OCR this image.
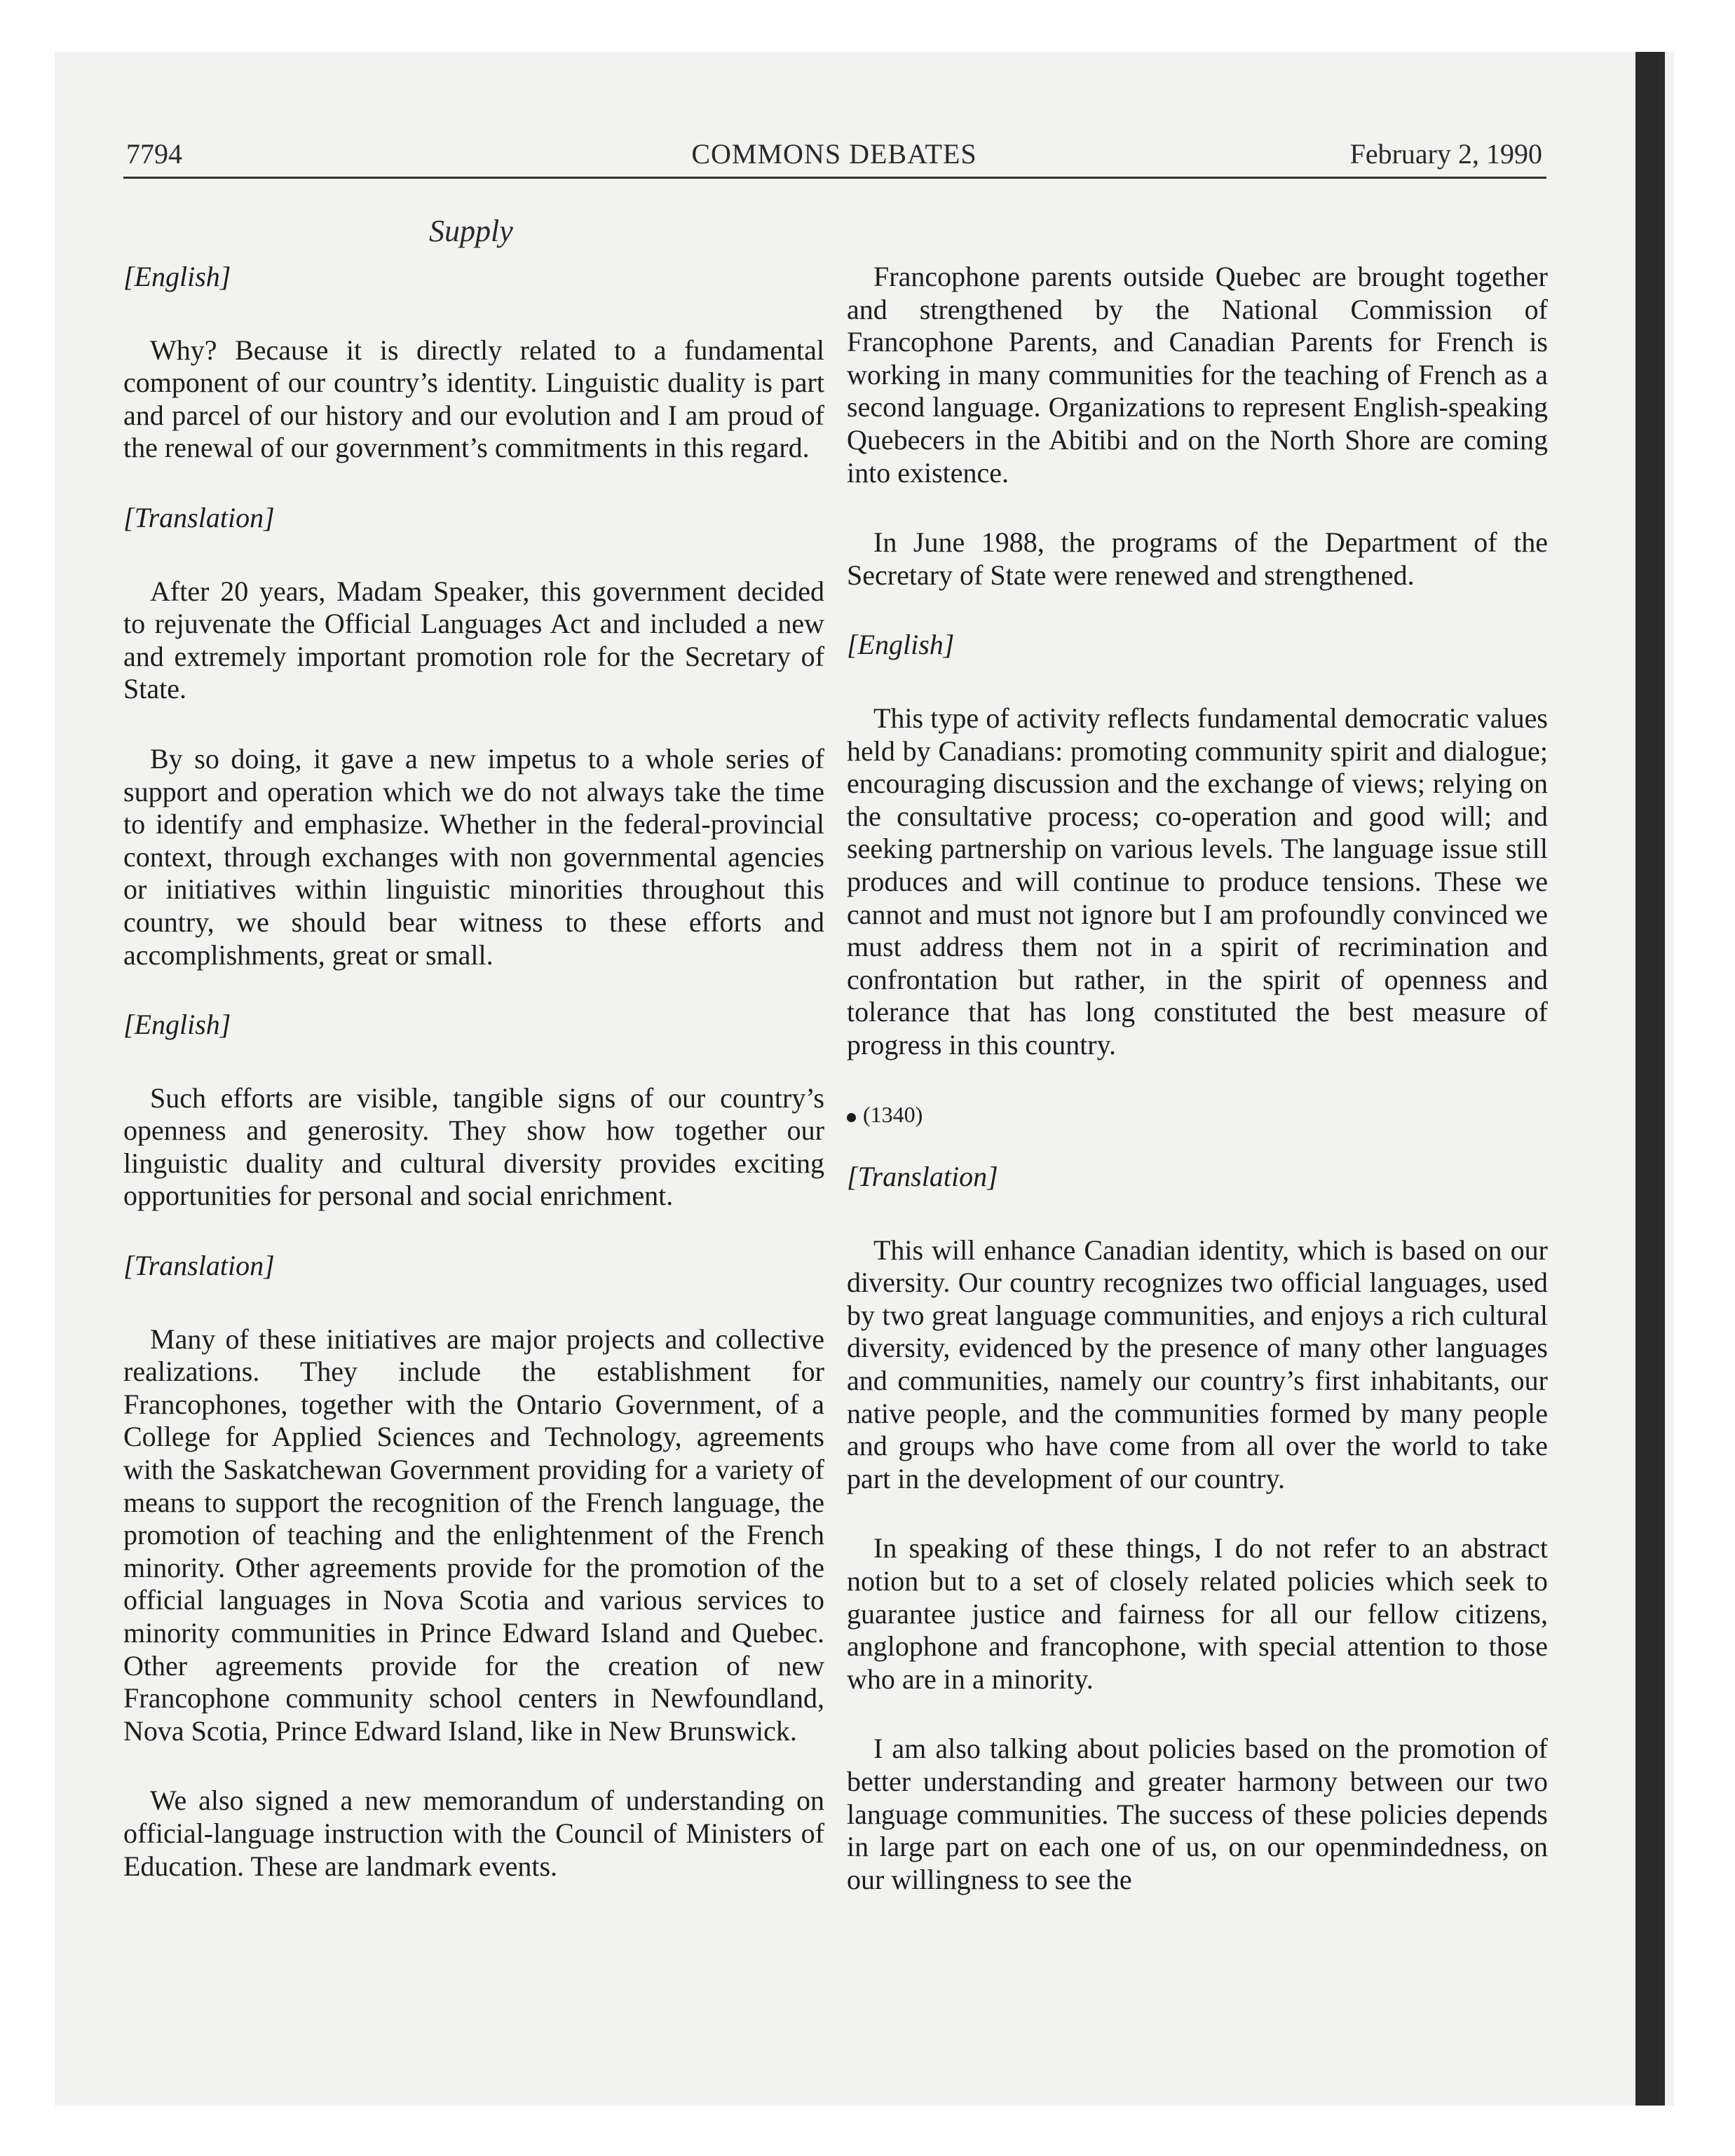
7794	COMMONS DEBATES	February 2, 1990
Supply
[English]

Why? Because it is directly related to a fundamental component of our country’s identity. Linguistic duality is part and parcel of our history and our evolution and I am proud of the renewal of our government’s commitments in this regard.

[Translation]

After 20 years, Madam Speaker, this government decided to rejuvenate the Official Languages Act and included a new and extremely important promotion role for the Secretary of State.

By so doing, it gave a new impetus to a whole series of support and operation which we do not always take the time to identify and emphasize. Whether in the federal-provincial context, through exchanges with non governmental agencies or initiatives within linguistic minorities throughout this country, we should bear witness to these efforts and accomplishments, great or small.

[English]

Such efforts are visible, tangible signs of our country’s openness and generosity. They show how together our linguistic duality and cultural diversity provides exciting opportunities for personal and social enrichment.

[Translation]

Many of these initiatives are major projects and collective realizations. They include the establishment for Francophones, together with the Ontario Government, of a College for Applied Sciences and Technology, agreements with the Saskatchewan Government providing for a variety of means to support the recognition of the French language, the promotion of teaching and the enlightenment of the French minority. Other agreements provide for the promotion of the official languages in Nova Scotia and various services to minority communities in Prince Edward Island and Quebec. Other agreements provide for the creation of new Francophone community school centers in Newfoundland, Nova Scotia, Prince Edward Island, like in New Brunswick.

We also signed a new memorandum of understanding on official-language instruction with the Council of Ministers of Education. These are landmark events.

Francophone parents outside Quebec are brought together and strengthened by the National Commission of Francophone Parents, and Canadian Parents for French is working in many communities for the teaching of French as a second language. Organizations to represent English-speaking Quebecers in the Abitibi and on the North Shore are coming into existence.

In June 1988, the programs of the Department of the Secretary of State were renewed and strengthened.

[English]

This type of activity reflects fundamental democratic values held by Canadians: promoting community spirit and dialogue; encouraging discussion and the exchange of views; relying on the consultative process; co-operation and good will; and seeking partnership on various levels. The language issue still produces and will continue to produce tensions. These we cannot and must not ignore but I am profoundly convinced we must address them not in a spirit of recrimination and confrontation but rather, in the spirit of openness and tolerance that has long constituted the best measure of progress in this country.

(1340)
[Translation]

This will enhance Canadian identity, which is based on our diversity. Our country recognizes two official languages, used by two great language communities, and enjoys a rich cultural diversity, evidenced by the presence of many other languages and communities, namely our country’s first inhabitants, our native people, and the communities formed by many people and groups who have come from all over the world to take part in the development of our country.

In speaking of these things, I do not refer to an abstract notion but to a set of closely related policies which seek to guarantee justice and fairness for all our fellow citizens, anglophone and francophone, with special attention to those who are in a minority.

I am also talking about policies based on the promotion of better understanding and greater harmony between our two language communities. The success of these policies depends in large part on each one of us, on our openmindedness, on our willingness to see the
